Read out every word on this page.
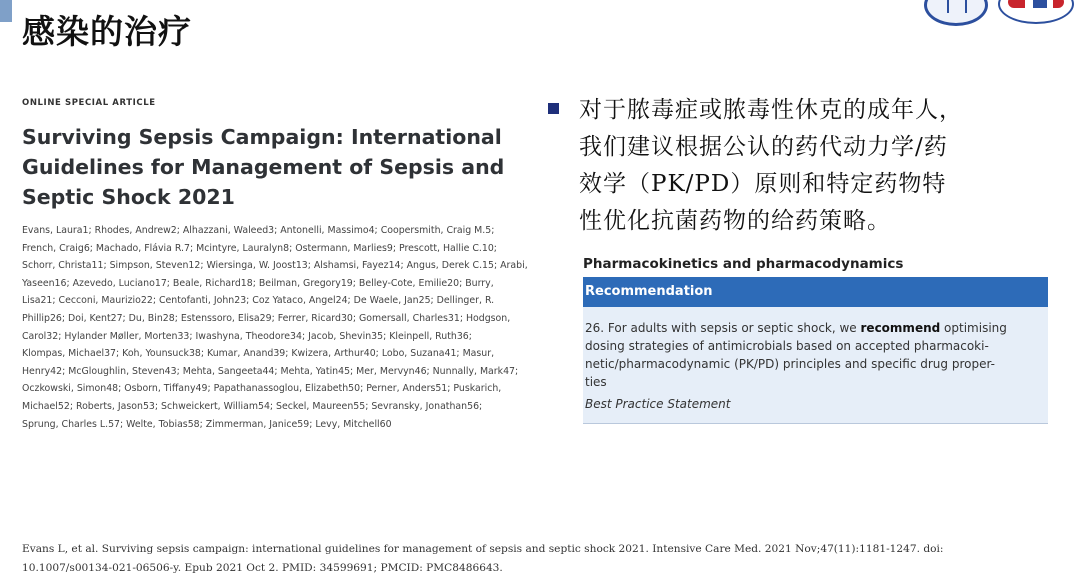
感染的治疗
ONLINE SPECIAL ARTICLE
Surviving Sepsis Campaign: International
Guidelines for Management of Sepsis and
Septic Shock 2021
Evans, Laura1; Rhodes, Andrew2; Alhazzani, Waleed3; Antonelli, Massimo4; Coopersmith, Craig M.5;
French, Craig6; Machado, Flávia R.7; Mcintyre, Lauralyn8; Ostermann, Marlies9; Prescott, Hallie C.10;
Schorr, Christa11; Simpson, Steven12; Wiersinga, W. Joost13; Alshamsi, Fayez14; Angus, Derek C.15; Arabi,
Yaseen16; Azevedo, Luciano17; Beale, Richard18; Beilman, Gregory19; Belley-Cote, Emilie20; Burry,
Lisa21; Cecconi, Maurizio22; Centofanti, John23; Coz Yataco, Angel24; De Waele, Jan25; Dellinger, R.
Phillip26; Doi, Kent27; Du, Bin28; Estenssoro, Elisa29; Ferrer, Ricard30; Gomersall, Charles31; Hodgson,
Carol32; Hylander Møller, Morten33; Iwashyna, Theodore34; Jacob, Shevin35; Kleinpell, Ruth36;
Klompas, Michael37; Koh, Younsuck38; Kumar, Anand39; Kwizera, Arthur40; Lobo, Suzana41; Masur,
Henry42; McGloughlin, Steven43; Mehta, Sangeeta44; Mehta, Yatin45; Mer, Mervyn46; Nunnally, Mark47;
Oczkowski, Simon48; Osborn, Tiffany49; Papathanassoglou, Elizabeth50; Perner, Anders51; Puskarich,
Michael52; Roberts, Jason53; Schweickert, William54; Seckel, Maureen55; Sevransky, Jonathan56;
Sprung, Charles L.57; Welte, Tobias58; Zimmerman, Janice59; Levy, Mitchell60
对于脓毒症或脓毒性休克的成年人，
我们建议根据公认的药代动力学/药
效学（PK/PD）原则和特定药物特
性优化抗菌药物的给药策略。
Pharmacokinetics and pharmacodynamics
Recommendation
26. For adults with sepsis or septic shock, we recommend optimising
dosing strategies of antimicrobials based on accepted pharmacoki-
netic/pharmacodynamic (PK/PD) principles and specific drug proper-
ties
Best Practice Statement
Evans L, et al. Surviving sepsis campaign: international guidelines for management of sepsis and septic shock 2021. Intensive Care Med. 2021 Nov;47(11):1181-1247. doi:
10.1007/s00134-021-06506-y. Epub 2021 Oct 2. PMID: 34599691; PMCID: PMC8486643.
